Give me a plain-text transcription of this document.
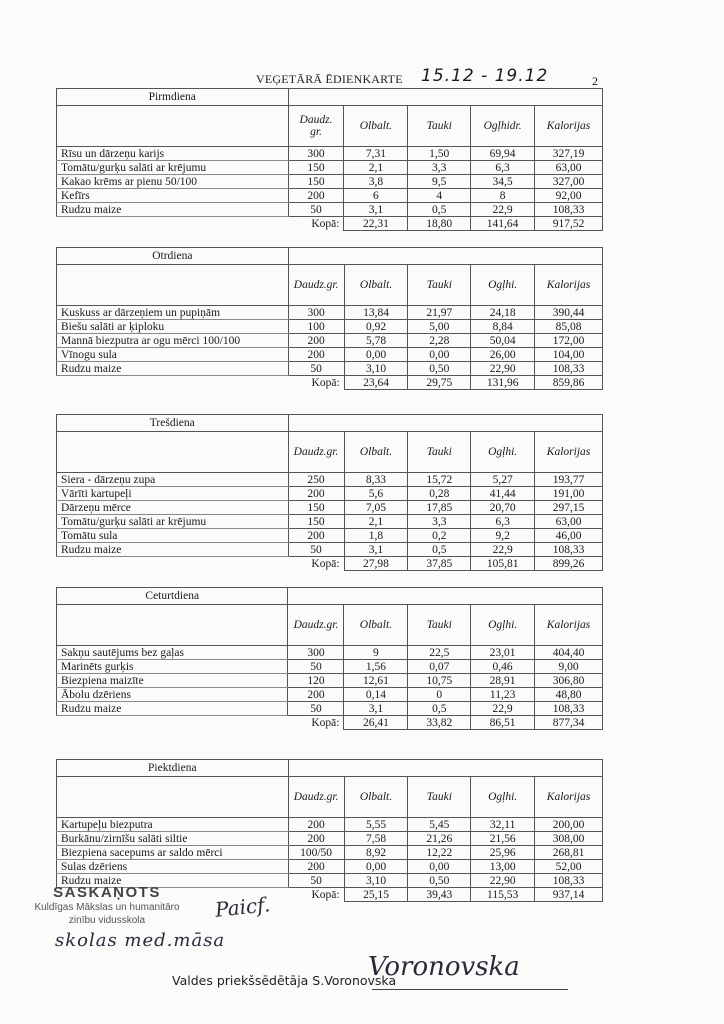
VEĢETĀRĀ ĒDIENKARTE 15.12 - 19.12	2
Pirmdiena					
	Daudz. gr.	Olbalt.	Tauki	Ogļhidr.	Kalorijas
Rīsu un dārzeņu karijs	300	7,31	1,50	69,94	327,19
Tomātu/gurķu salāti ar krējumu	150	2,1	3,3	6,3	63,00
Kakao krēms ar pienu 50/100	150	3,8	9,5	34,5	327,00
Kefīrs	200	6	4	8	92,00
Rudzu maize	50	3,1	0,5	22,9	108,33
	Kopā:	22,31	18,80	141,64	917,52
Otrdiena					
	Daudz.gr.	Olbalt.	Tauki	Ogļhi.	Kalorijas
Kuskuss ar dārzeņiem un pupiņām	300	13,84	21,97	24,18	390,44
Biešu salāti ar ķiploku	100	0,92	5,00	8,84	85,08
Mannā biezputra ar ogu mērci 100/100	200	5,78	2,28	50,04	172,00
Vīnogu sula	200	0,00	0,00	26,00	104,00
Rudzu maize	50	3,10	0,50	22,90	108,33
	Kopā:	23,64	29,75	131,96	859,86
Trešdiena					
	Daudz.gr.	Olbalt.	Tauki	Ogļhi.	Kalorijas
Siera - dārzeņu zupa	250	8,33	15,72	5,27	193,77
Vārīti kartupeļi	200	5,6	0,28	41,44	191,00
Dārzeņu mērce	150	7,05	17,85	20,70	297,15
Tomātu/gurķu salāti ar krējumu	150	2,1	3,3	6,3	63,00
Tomātu sula	200	1,8	0,2	9,2	46,00
Rudzu maize	50	3,1	0,5	22,9	108,33
	Kopā:	27,98	37,85	105,81	899,26
Ceturtdiena					
	Daudz.gr.	Olbalt.	Tauki	Ogļhi.	Kalorijas
Sakņu sautējums bez gaļas	300	9	22,5	23,01	404,40
Marinēts gurķis	50	1,56	0,07	0,46	9,00
Biezpiena maizīte	120	12,61	10,75	28,91	306,80
Ābolu dzēriens	200	0,14	0	11,23	48,80
Rudzu maize	50	3,1	0,5	22,9	108,33
	Kopā:	26,41	33,82	86,51	877,34
Piektdiena					
	Daudz.gr.	Olbalt.	Tauki	Ogļhi.	Kalorijas
Kartupeļu biezputra	200	5,55	5,45	32,11	200,00
Burkānu/zirnīšu salāti siltie	200	7,58	21,26	21,56	308,00
Biezpiena sacepums ar saldo mērci	100/50	8,92	12,22	25,96	268,81
Sulas dzēriens	200	0,00	0,00	13,00	52,00
Rudzu maize	50	3,10	0,50	22,90	108,33
	Kopā:	25,15	39,43	115,53	937,14
SASKAŅOTS
Kuldīgas Mākslas un humanitāro
zinību vidusskola	Paicf.
skolas med.māsa
Valdes priekšsēdētāja S.Voronovska
Voronovska
